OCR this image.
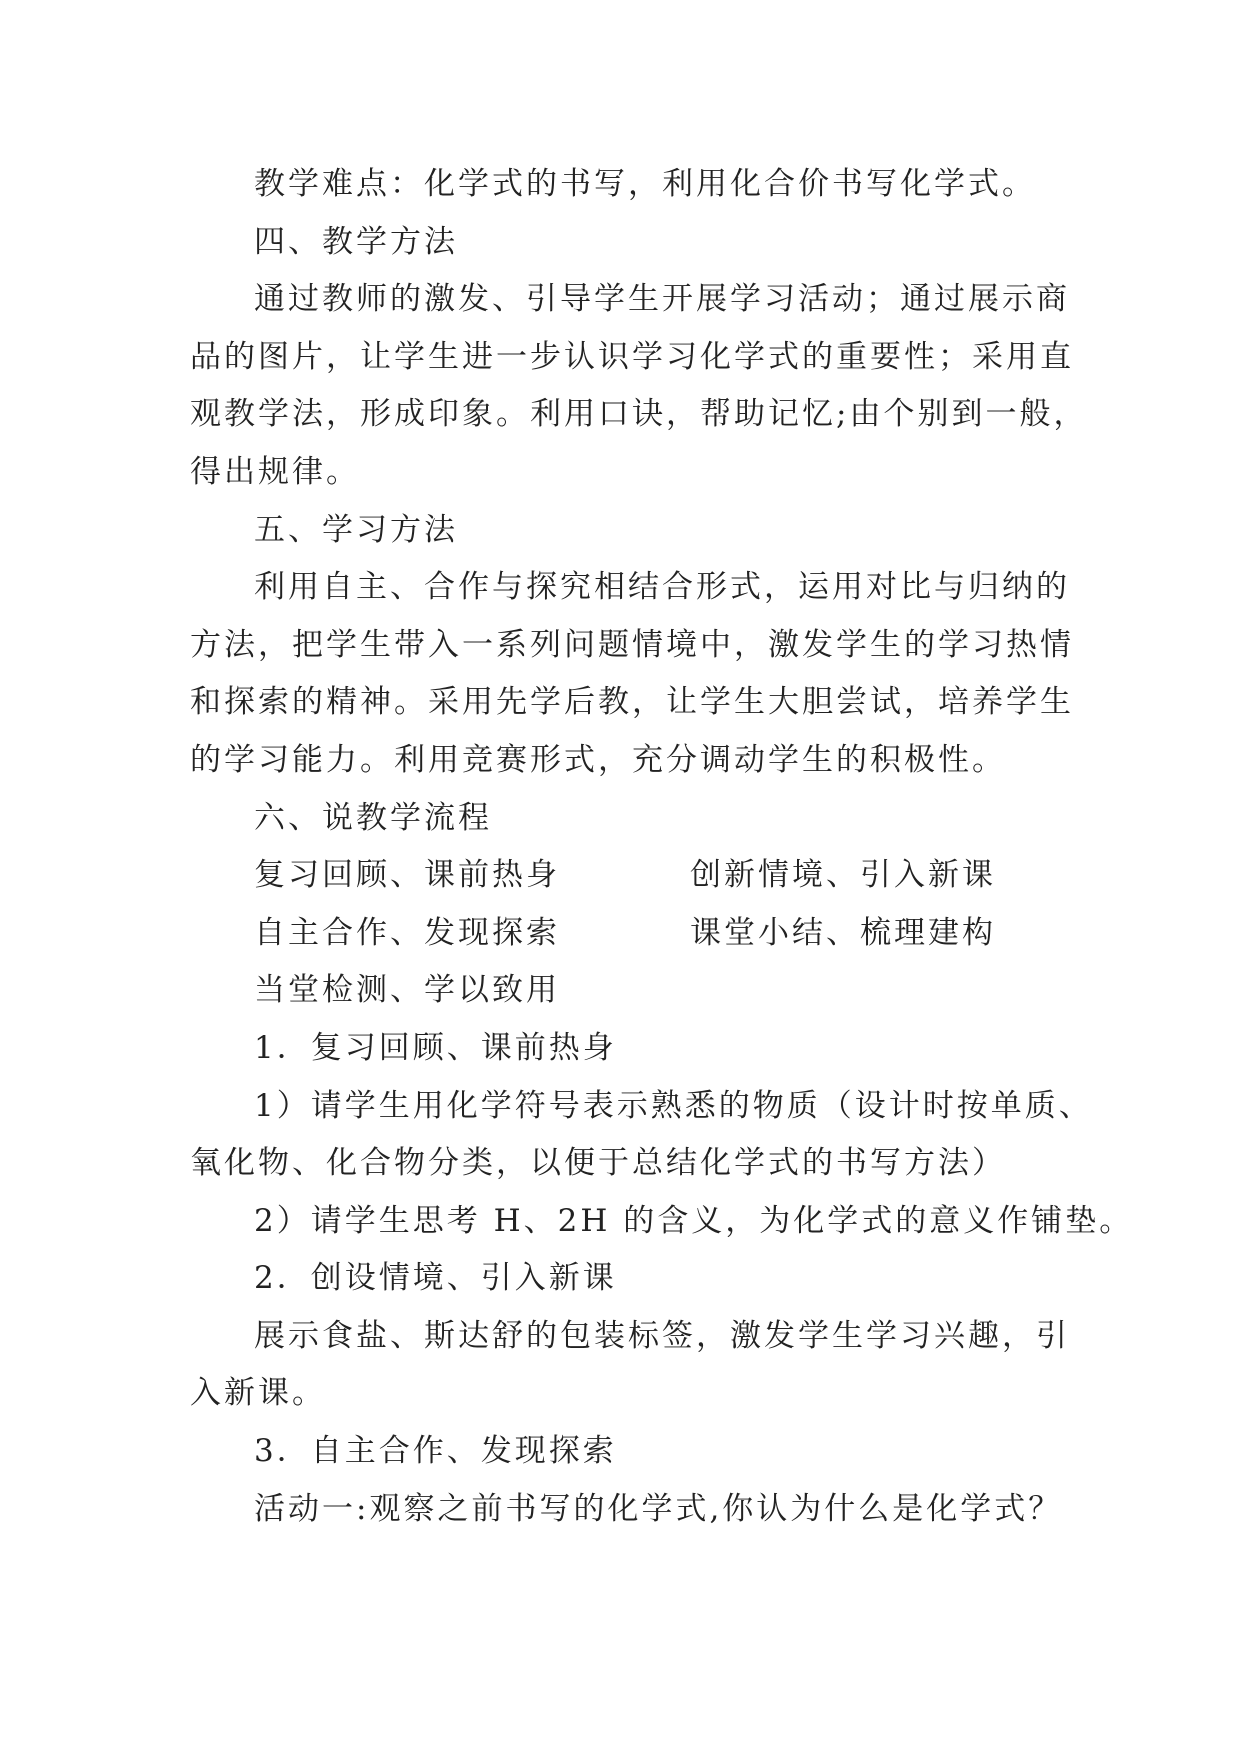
教学难点：化学式的书写，利用化合价书写化学式。
四、教学方法
通过教师的激发、引导学生开展学习活动；通过展示商
品的图片，让学生进一步认识学习化学式的重要性；采用直
观教学法，形成印象。利用口诀，帮助记忆;由个别到一般，
得出规律。
五、学习方法
利用自主、合作与探究相结合形式，运用对比与归纳的
方法，把学生带入一系列问题情境中，激发学生的学习热情
和探索的精神。采用先学后教，让学生大胆尝试，培养学生
的学习能力。利用竞赛形式，充分调动学生的积极性。
六、说教学流程
复习回顾、课前热身	创新情境、引入新课
自主合作、发现探索	课堂小结、梳理建构
当堂检测、学以致用
1．复习回顾、课前热身
1）请学生用化学符号表示熟悉的物质（设计时按单质、
氧化物、化合物分类，以便于总结化学式的书写方法）
2）请学生思考 H、2H 的含义，为化学式的意义作铺垫。
2．创设情境、引入新课
展示食盐、斯达舒的包装标签，激发学生学习兴趣，引
入新课。
3．自主合作、发现探索
活动一:观察之前书写的化学式,你认为什么是化学式？
